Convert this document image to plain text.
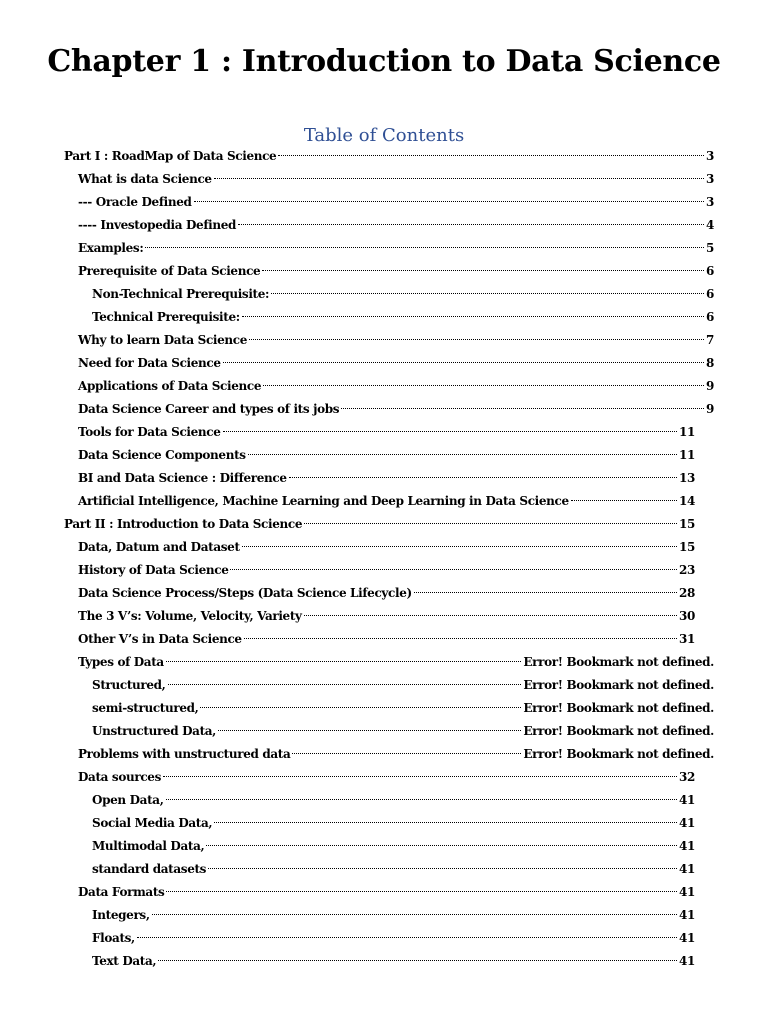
Chapter 1 : Introduction to Data Science
Table of Contents
Part I : RoadMap of Data Science	3
What is data Science	3
--- Oracle Defined	3
---- Investopedia Defined	4
Examples:	5
Prerequisite of Data Science	6
Non-Technical Prerequisite:	6
Technical Prerequisite:	6
Why to learn Data Science	7
Need for Data Science	8
Applications of Data Science	9
Data Science Career and types of its jobs	9
Tools for Data Science	11
Data Science Components	11
BI and Data Science : Difference	13
Artificial Intelligence, Machine Learning and Deep Learning in Data Science	14
Part II : Introduction to Data Science	15
Data, Datum and Dataset	15
History of Data Science	23
Data Science Process/Steps (Data Science Lifecycle)	28
The 3 V’s: Volume, Velocity, Variety	30
Other V’s in Data Science	31
Types of Data	Error! Bookmark not defined.
Structured,	Error! Bookmark not defined.
semi-structured,	Error! Bookmark not defined.
Unstructured Data,	Error! Bookmark not defined.
Problems with unstructured data	Error! Bookmark not defined.
Data sources	32
Open Data,	41
Social Media Data,	41
Multimodal Data,	41
standard datasets	41
Data Formats	41
Integers,	41
Floats,	41
Text Data,	41
